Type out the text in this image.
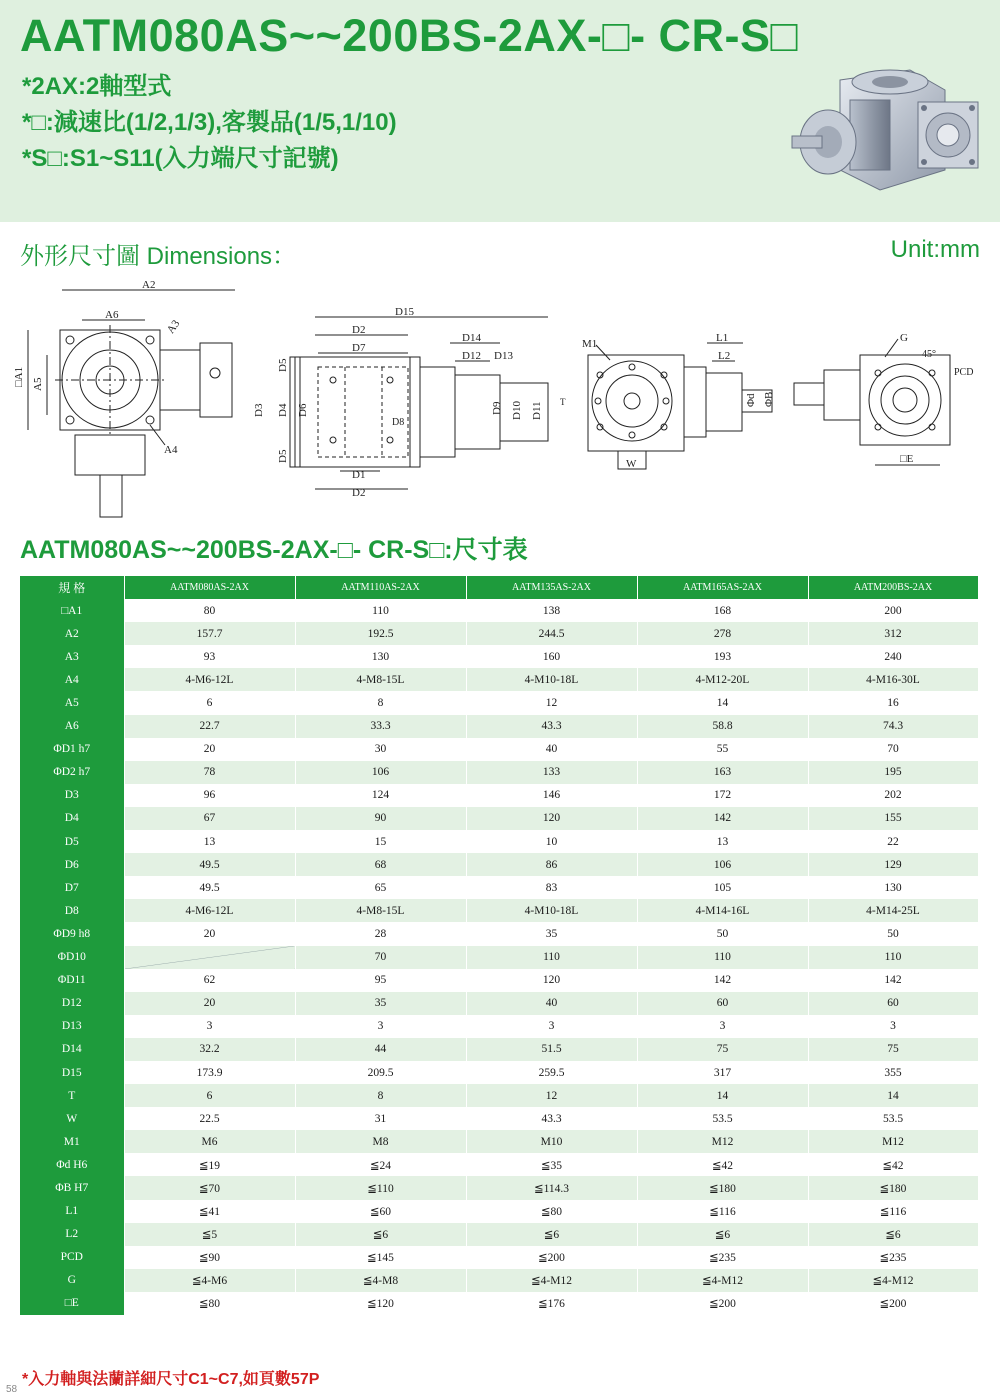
AATM080AS~~200BS-2AX-□- CR-S□
*2AX:2軸型式
*□:減速比(1/2,1/3),客製品(1/5,1/10)
*S□:S1~S11(入力端尺寸記號)
外形尺寸圖 Dimensions：	Unit:mm
A2
A6
A3
□A1 A5
A4
D15
D2
D7
D14
D12 D13
D8
D5
D3 D4 D6
D5
D1
D2
D9 D10 D11
M1	L1
L2
T
W
Φd ΦB
G
45°
PCD
□E
AATM080AS~~200BS-2AX-□- CR-S□:尺寸表
規 格	AATM080AS-2AX	AATM110AS-2AX	AATM135AS-2AX	AATM165AS-2AX	AATM200BS-2AX
□A1	80	110	138	168	200
A2	157.7	192.5	244.5	278	312
A3	93	130	160	193	240
A4	4-M6-12L	4-M8-15L	4-M10-18L	4-M12-20L	4-M16-30L
A5	6	8	12	14	16
A6	22.7	33.3	43.3	58.8	74.3
ΦD1 h7	20	30	40	55	70
ΦD2 h7	78	106	133	163	195
D3	96	124	146	172	202
D4	67	90	120	142	155
D5	13	15	10	13	22
D6	49.5	68	86	106	129
D7	49.5	65	83	105	130
D8	4-M6-12L	4-M8-15L	4-M10-18L	4-M14-16L	4-M14-25L
ΦD9 h8	20	28	35	50	50
ΦD10		70	110	110	110
ΦD11	62	95	120	142	142
D12	20	35	40	60	60
D13	3	3	3	3	3
D14	32.2	44	51.5	75	75
D15	173.9	209.5	259.5	317	355
T	6	8	12	14	14
W	22.5	31	43.3	53.5	53.5
M1	M6	M8	M10	M12	M12
Φd H6	≦19	≦24	≦35	≦42	≦42
ΦB H7	≦70	≦110	≦114.3	≦180	≦180
L1	≦41	≦60	≦80	≦116	≦116
L2	≦5	≦6	≦6	≦6	≦6
PCD	≦90	≦145	≦200	≦235	≦235
G	≦4-M6	≦4-M8	≦4-M12	≦4-M12	≦4-M12
□E	≦80	≦120	≦176	≦200	≦200
*入力軸與法蘭詳細尺寸C1~C7,如頁數57P
58
